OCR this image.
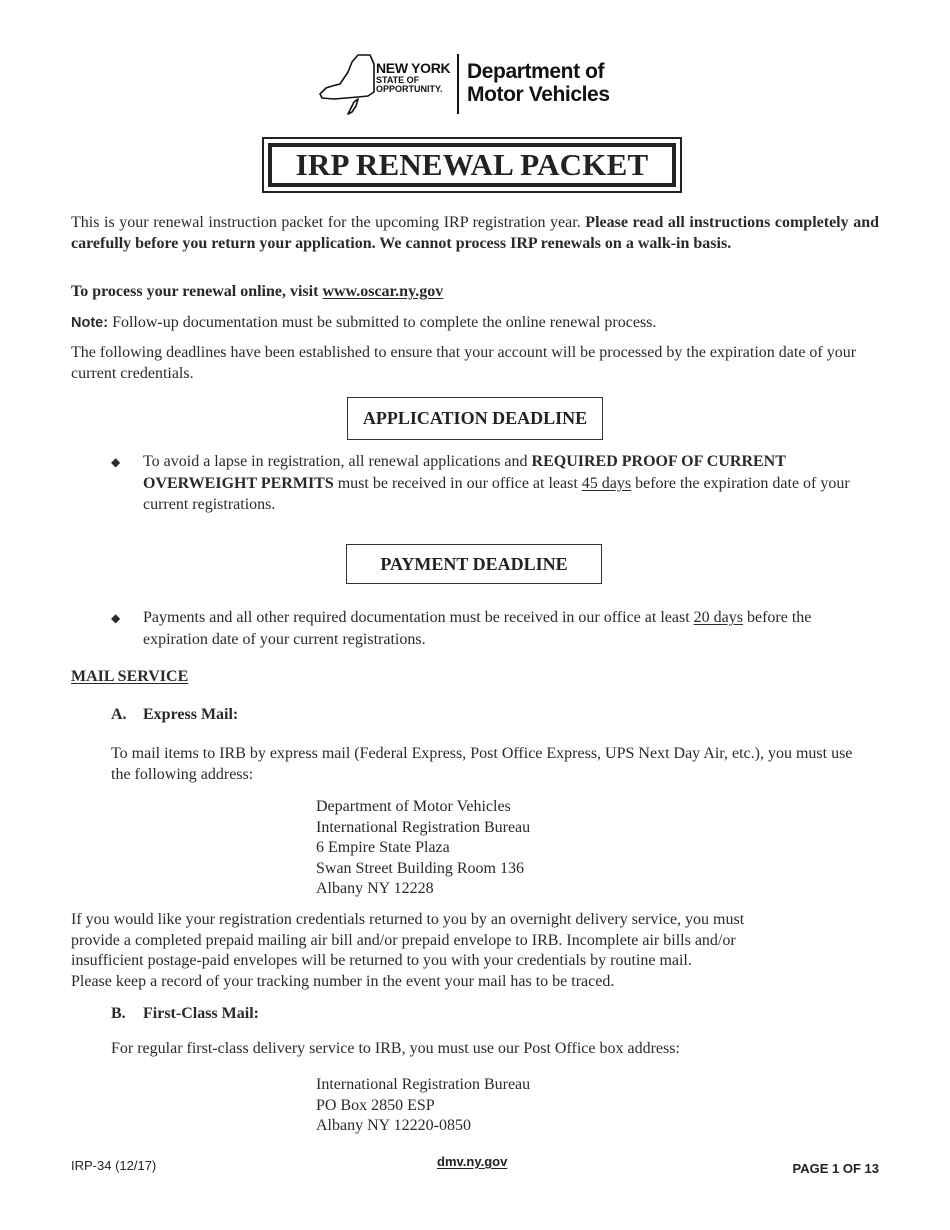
NEW YORK
STATE OF
OPPORTUNITY.
Department of
Motor Vehicles
IRP RENEWAL PACKET
This is your renewal instruction packet for the upcoming IRP registration year. Please read all instructions completely and carefully before you return your application. We cannot process IRP renewals on a walk-in basis.
To process your renewal online, visit www.oscar.ny.gov
Note: Follow-up documentation must be submitted to complete the online renewal process.
The following deadlines have been established to ensure that your account will be processed by the expiration date of your current credentials.
APPLICATION DEADLINE
◆ To avoid a lapse in registration, all renewal applications and REQUIRED PROOF OF CURRENT OVERWEIGHT PERMITS must be received in our office at least 45 days before the expiration date of your current registrations.
PAYMENT DEADLINE
◆ Payments and all other required documentation must be received in our office at least 20 days before the expiration date of your current registrations.
MAIL SERVICE
A. Express Mail:
To mail items to IRB by express mail (Federal Express, Post Office Express, UPS Next Day Air, etc.), you must use the following address:
Department of Motor Vehicles
International Registration Bureau
6 Empire State Plaza
Swan Street Building Room 136
Albany NY 12228
If you would like your registration credentials returned to you by an overnight delivery service, you must
provide a completed prepaid mailing air bill and/or prepaid envelope to IRB. Incomplete air bills and/or
insufficient postage-paid envelopes will be returned to you with your credentials by routine mail.
Please keep a record of your tracking number in the event your mail has to be traced.
B. First-Class Mail:
For regular first-class delivery service to IRB, you must use our Post Office box address:
International Registration Bureau
PO Box 2850 ESP
Albany NY 12220-0850
IRP-34 (12/17)	dmv.ny.gov	PAGE 1 OF 13
